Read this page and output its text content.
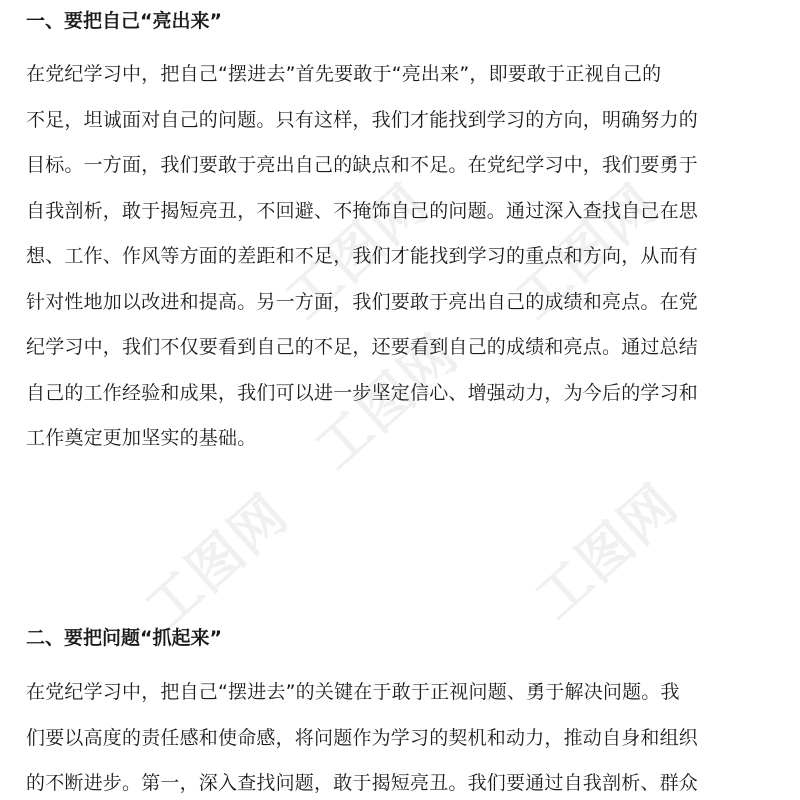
工图网 工图网
工图网
工图网	工图网
一、要把自己“亮出来”

在党纪学习中，把自己“摆进去”首先要敢于“亮出来”，即要敢于正视自己的
不足，坦诚面对自己的问题。只有这样，我们才能找到学习的方向，明确努力的
目标。一方面，我们要敢于亮出自己的缺点和不足。在党纪学习中，我们要勇于
自我剖析，敢于揭短亮丑，不回避、不掩饰自己的问题。通过深入查找自己在思
想、工作、作风等方面的差距和不足，我们才能找到学习的重点和方向，从而有
针对性地加以改进和提高。另一方面，我们要敢于亮出自己的成绩和亮点。在党
纪学习中，我们不仅要看到自己的不足，还要看到自己的成绩和亮点。通过总结
自己的工作经验和成果，我们可以进一步坚定信心、增强动力，为今后的学习和
工作奠定更加坚实的基础。

二、要把问题“抓起来”

在党纪学习中，把自己“摆进去”的关键在于敢于正视问题、勇于解决问题。我
们要以高度的责任感和使命感，将问题作为学习的契机和动力，推动自身和组织
的不断进步。第一，深入查找问题，敢于揭短亮丑。我们要通过自我剖析、群众
